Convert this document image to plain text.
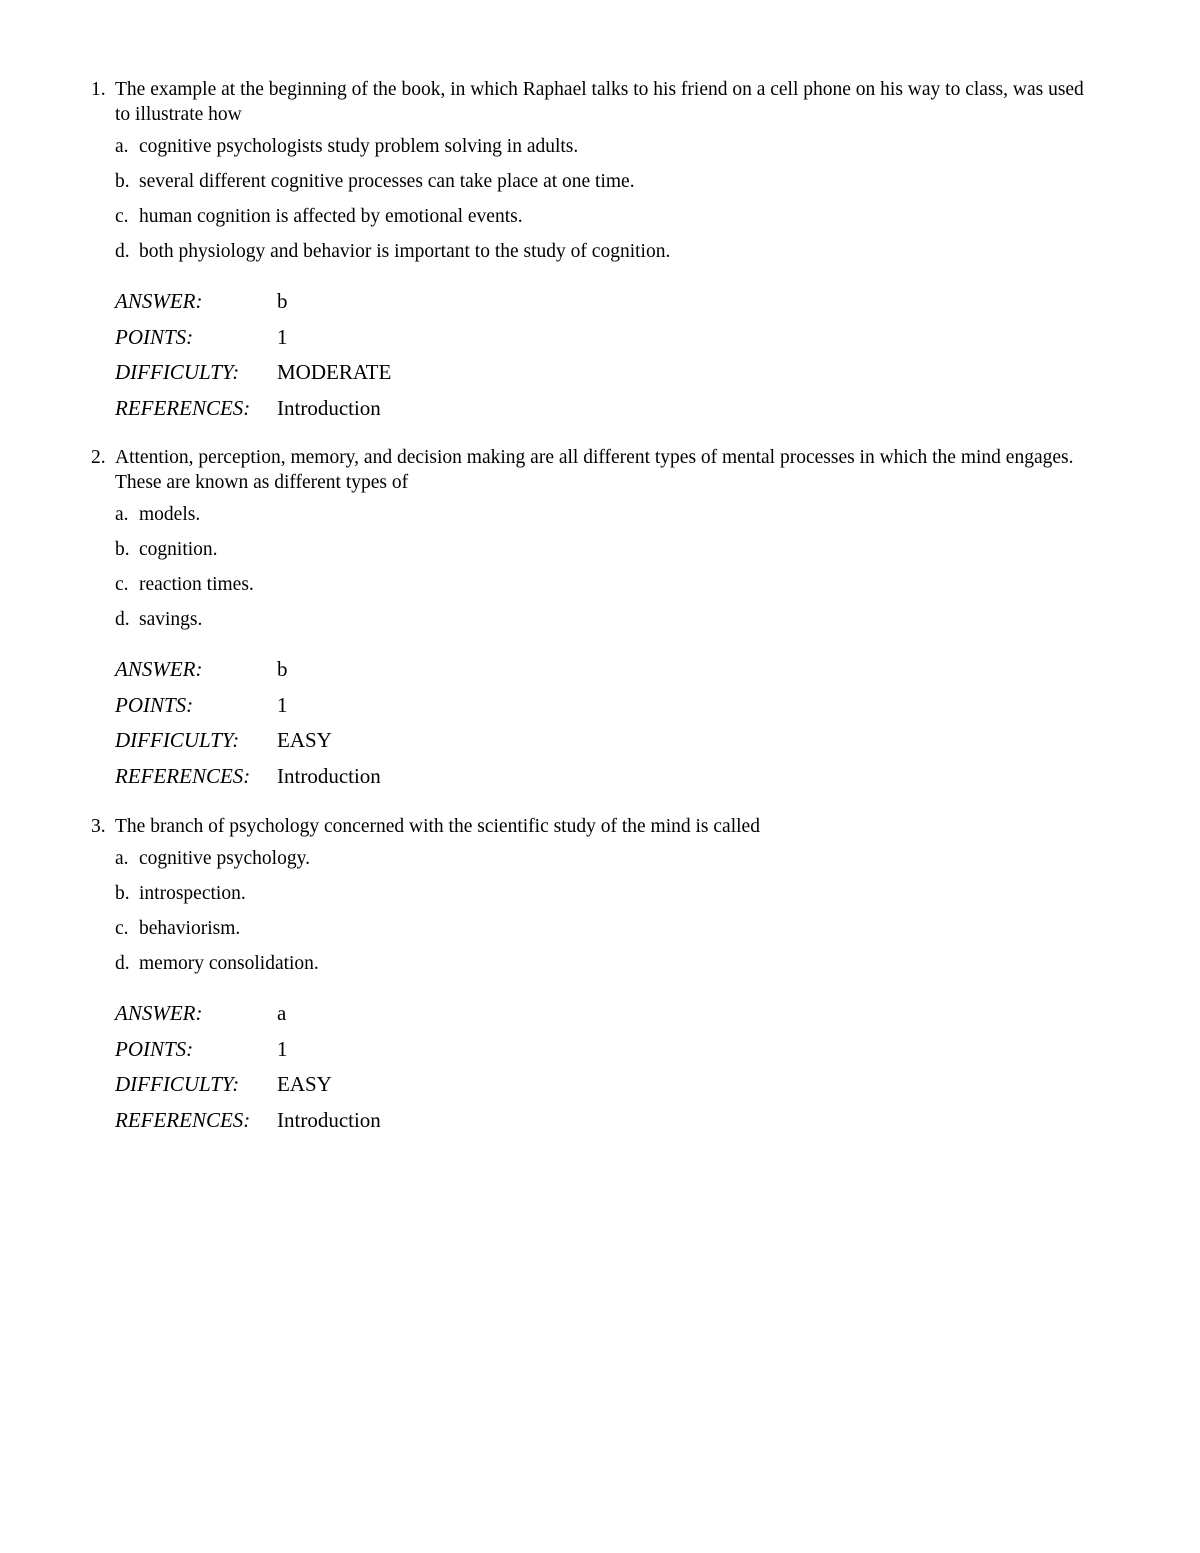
1. The example at the beginning of the book, in which Raphael talks to his friend on a cell phone on his way to class, was used to illustrate how
a. cognitive psychologists study problem solving in adults.
b. several different cognitive processes can take place at one time.
c. human cognition is affected by emotional events.
d. both physiology and behavior is important to the study of cognition.
ANSWER:	b
POINTS:	1
DIFFICULTY:	MODERATE
REFERENCES:	Introduction
2. Attention, perception, memory, and decision making are all different types of mental processes in which the mind engages. These are known as different types of
a. models.
b. cognition.
c. reaction times.
d. savings.
ANSWER:	b
POINTS:	1
DIFFICULTY:	EASY
REFERENCES:	Introduction
3. The branch of psychology concerned with the scientific study of the mind is called
a. cognitive psychology.
b. introspection.
c. behaviorism.
d. memory consolidation.
ANSWER:	a
POINTS:	1
DIFFICULTY:	EASY
REFERENCES:	Introduction
